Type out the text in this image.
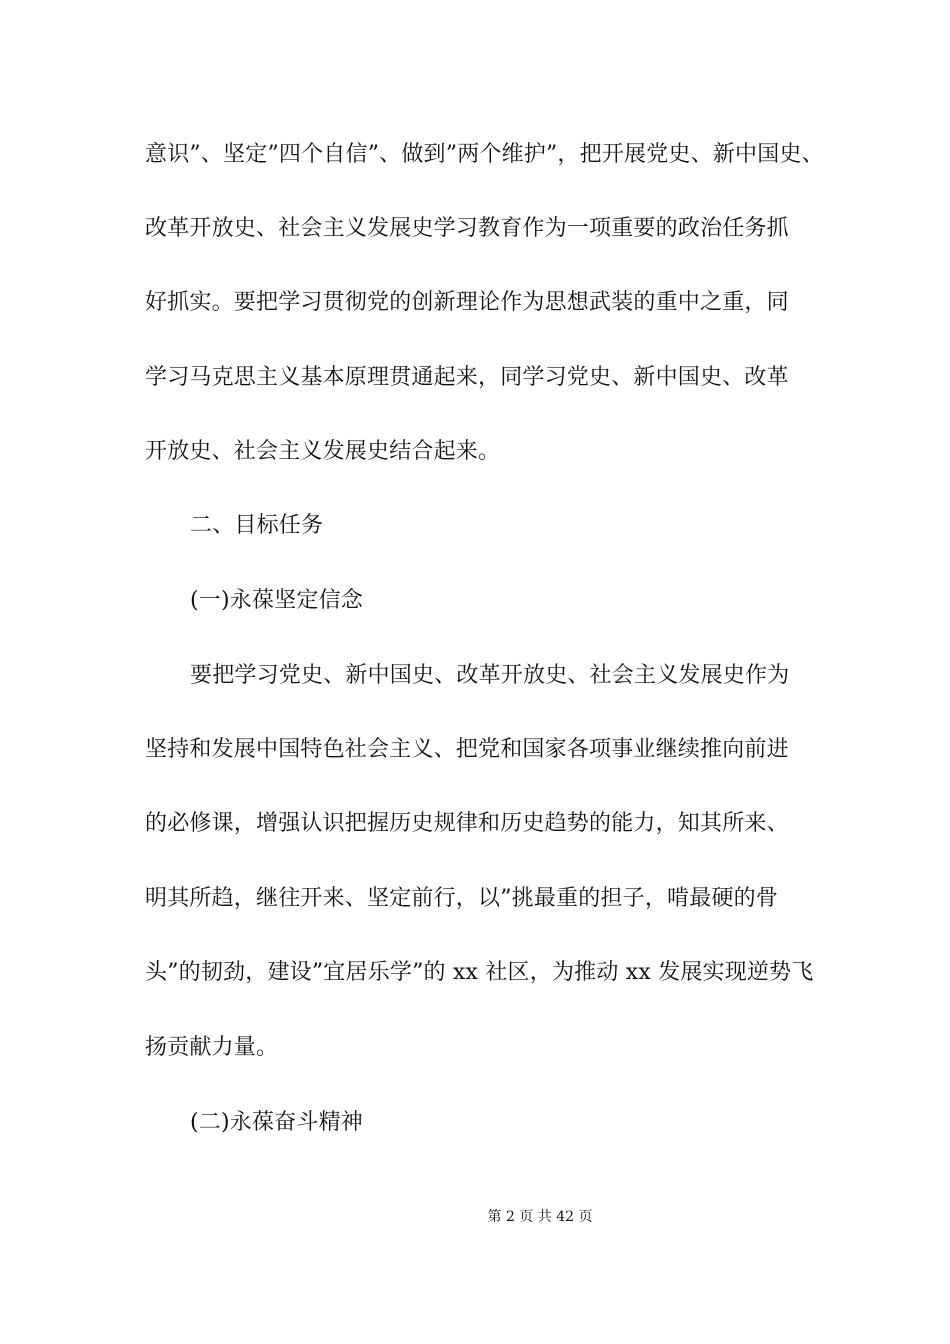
意识”、坚定”四个自信”、做到”两个维护”，把开展党史、新中国史、
改革开放史、社会主义发展史学习教育作为一项重要的政治任务抓
好抓实。要把学习贯彻党的创新理论作为思想武装的重中之重，同
学习马克思主义基本原理贯通起来，同学习党史、新中国史、改革
开放史、社会主义发展史结合起来。
二、目标任务
(一)永葆坚定信念
要把学习党史、新中国史、改革开放史、社会主义发展史作为
坚持和发展中国特色社会主义、把党和国家各项事业继续推向前进
的必修课，增强认识把握历史规律和历史趋势的能力，知其所来、
明其所趋，继往开来、坚定前行，以”挑最重的担子，啃最硬的骨
头”的韧劲，建设”宜居乐学”的 xx 社区，为推动 xx 发展实现逆势飞
扬贡献力量。
(二)永葆奋斗精神
第 2 页 共 42 页
